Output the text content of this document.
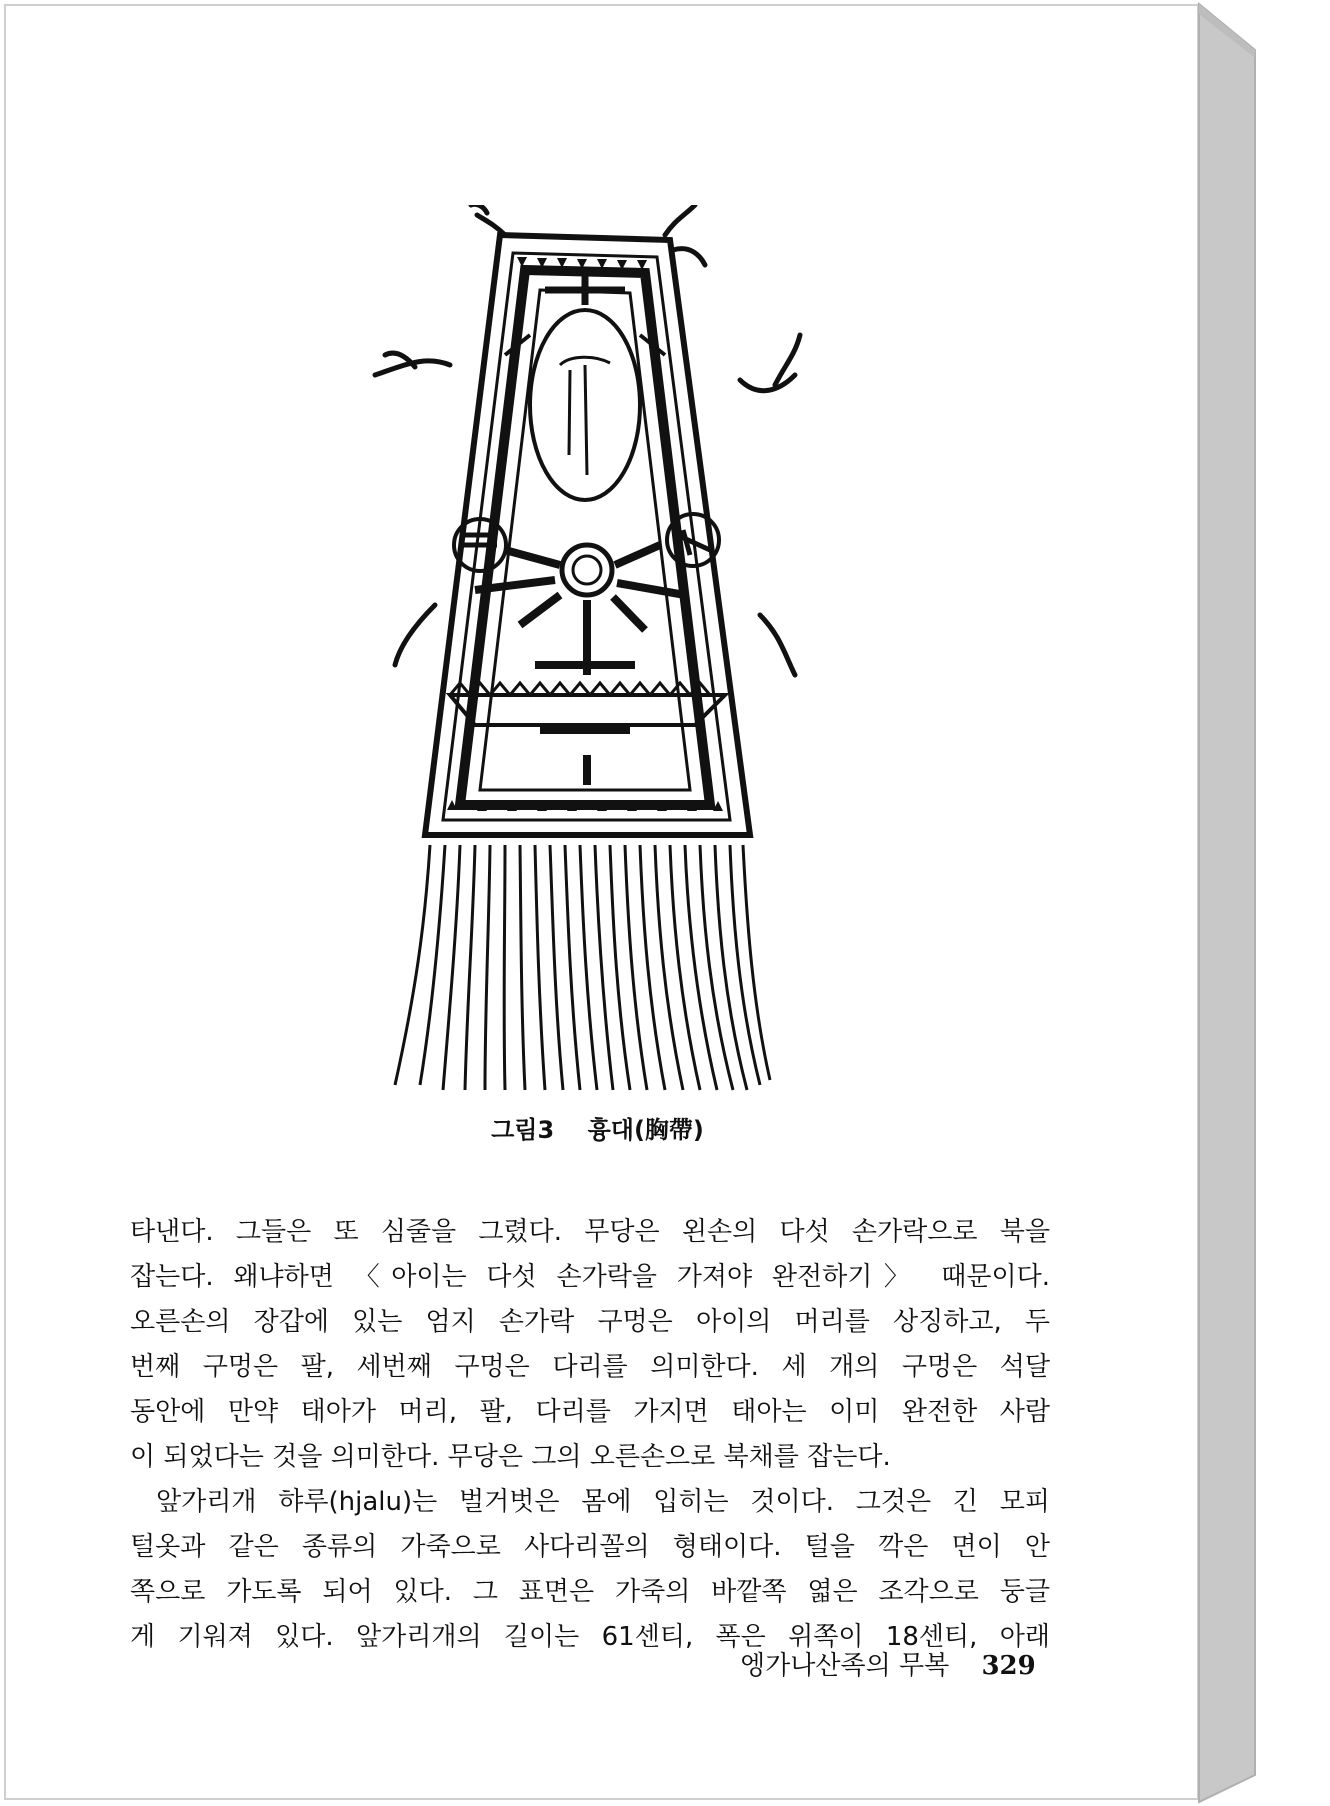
그림3 흉대(胸帶)
타낸다. 그들은 또 심줄을 그렸다. 무당은 왼손의 다섯 손가락으로 북을
잡는다. 왜냐하면 〈아이는 다섯 손가락을 가져야 완전하기〉 때문이다.
오른손의 장갑에 있는 엄지 손가락 구멍은 아이의 머리를 상징하고, 두
번째 구멍은 팔, 세번째 구멍은 다리를 의미한다. 세 개의 구멍은 석달
동안에 만약 태아가 머리, 팔, 다리를 가지면 태아는 이미 완전한 사람
이 되었다는 것을 의미한다. 무당은 그의 오른손으로 북채를 잡는다.
앞가리개 햐루(hjalu)는 벌거벗은 몸에 입히는 것이다. 그것은 긴 모피
털옷과 같은 종류의 가죽으로 사다리꼴의 형태이다. 털을 깍은 면이 안
쪽으로 가도록 되어 있다. 그 표면은 가죽의 바깥쪽 엷은 조각으로 둥글
게 기워져 있다. 앞가리개의 길이는 61센티, 폭은 위쪽이 18센티, 아래
엥가나산족의 무복 329
